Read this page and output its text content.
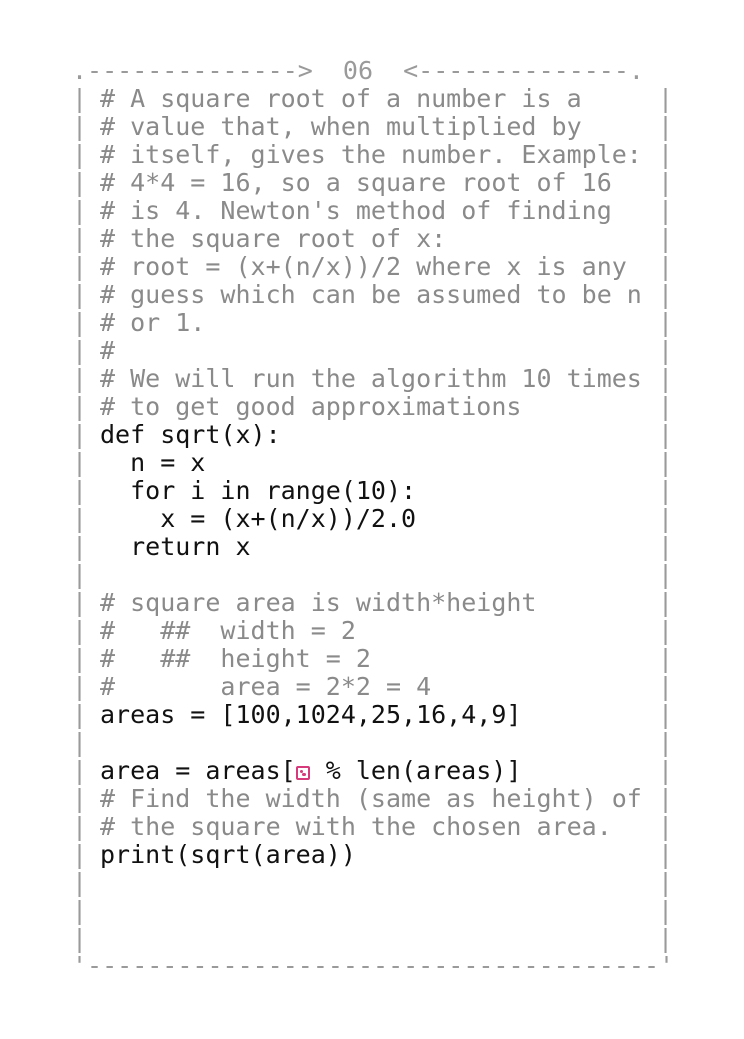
.-------------->  06  <--------------.
| # A square root of a number is a	|
| # value that, when multiplied by	|
| # itself, gives the number. Example: |
| # 4*4 = 16, so a square root of 16 |
| # is 4. Newton's method of finding |
| # the square root of x:	|
| # root = (x+(n/x))/2 where x is any |
| # guess which can be assumed to be n |
| # or 1.	|
| #	|
| # We will run the algorithm 10 times |
| # to get good approximations	|
| def sqrt(x):	|
| n = x	|
| for i in range(10):	|
| x = (x+(n/x))/2.0	|
| return x	|
|	|
| # square area is width*height	|
| #   ##  width = 2	|
| #   ##  height = 2	|
| #       area = 2*2 = 4	|
| areas = [100,1024,25,16,4,9]	|
|	|
| area = areas[
% len(areas)]	|
| # Find the width (same as height) of |
| # the square with the chosen area. |
| print(sqrt(area))	|
|	|
|	|
|	|
'--------------------------------------'
